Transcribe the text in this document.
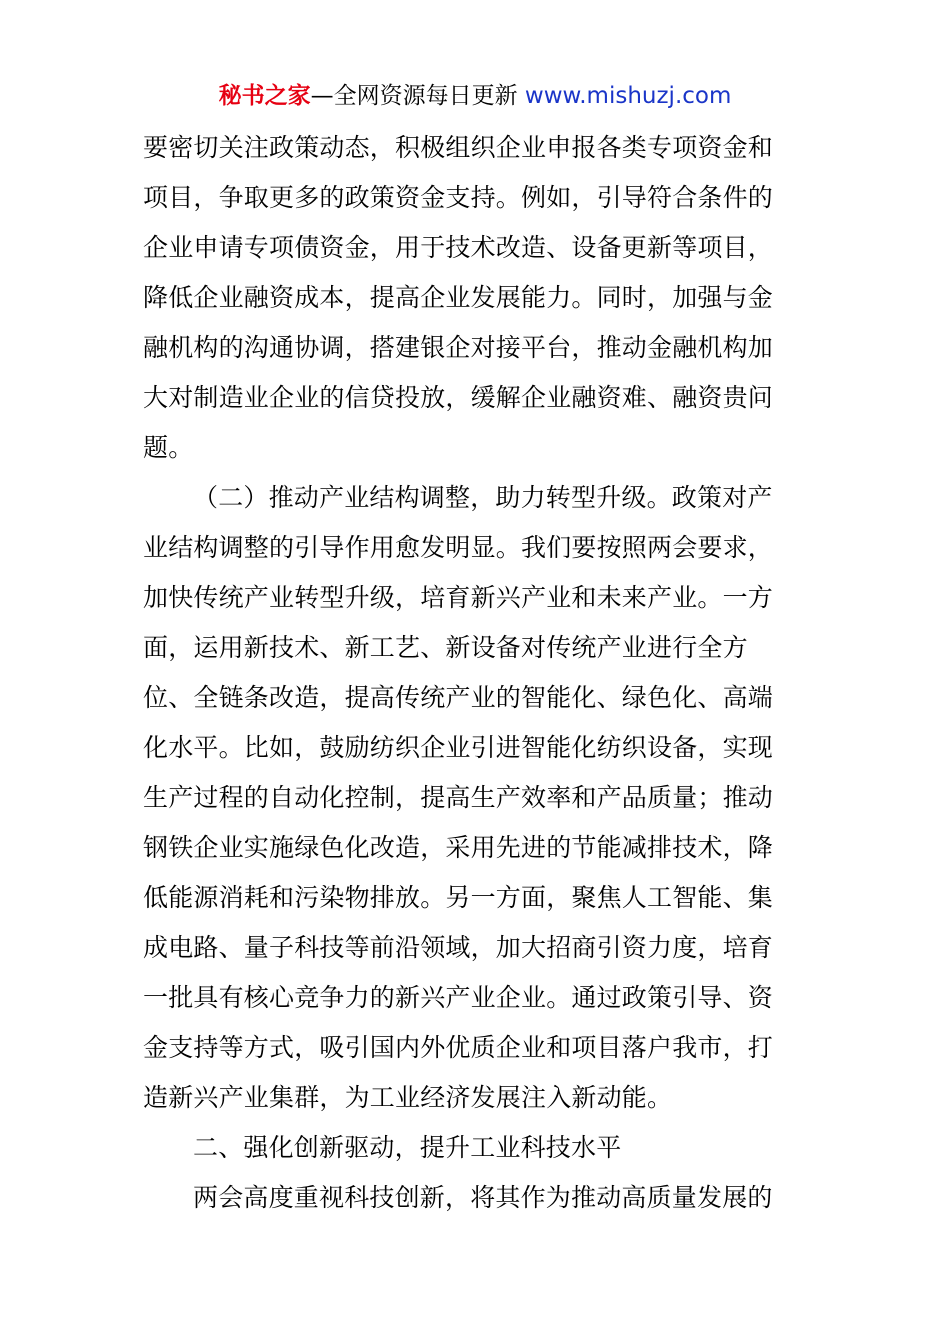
秘书之家—全网资源每日更新 www.mishuzj.com
要密切关注政策动态，积极组织企业申报各类专项资金和
项目，争取更多的政策资金支持。例如，引导符合条件的
企业申请专项债资金，用于技术改造、设备更新等项目，
降低企业融资成本，提高企业发展能力。同时，加强与金
融机构的沟通协调，搭建银企对接平台，推动金融机构加
大对制造业企业的信贷投放，缓解企业融资难、融资贵问
题。
（二）推动产业结构调整，助力转型升级。政策对产
业结构调整的引导作用愈发明显。我们要按照两会要求，
加快传统产业转型升级，培育新兴产业和未来产业。一方
面，运用新技术、新工艺、新设备对传统产业进行全方
位、全链条改造，提高传统产业的智能化、绿色化、高端
化水平。比如，鼓励纺织企业引进智能化纺织设备，实现
生产过程的自动化控制，提高生产效率和产品质量；推动
钢铁企业实施绿色化改造，采用先进的节能减排技术，降
低能源消耗和污染物排放。另一方面，聚焦人工智能、集
成电路、量子科技等前沿领域，加大招商引资力度，培育
一批具有核心竞争力的新兴产业企业。通过政策引导、资
金支持等方式，吸引国内外优质企业和项目落户我市，打
造新兴产业集群，为工业经济发展注入新动能。
二、强化创新驱动，提升工业科技水平
两会高度重视科技创新，将其作为推动高质量发展的
